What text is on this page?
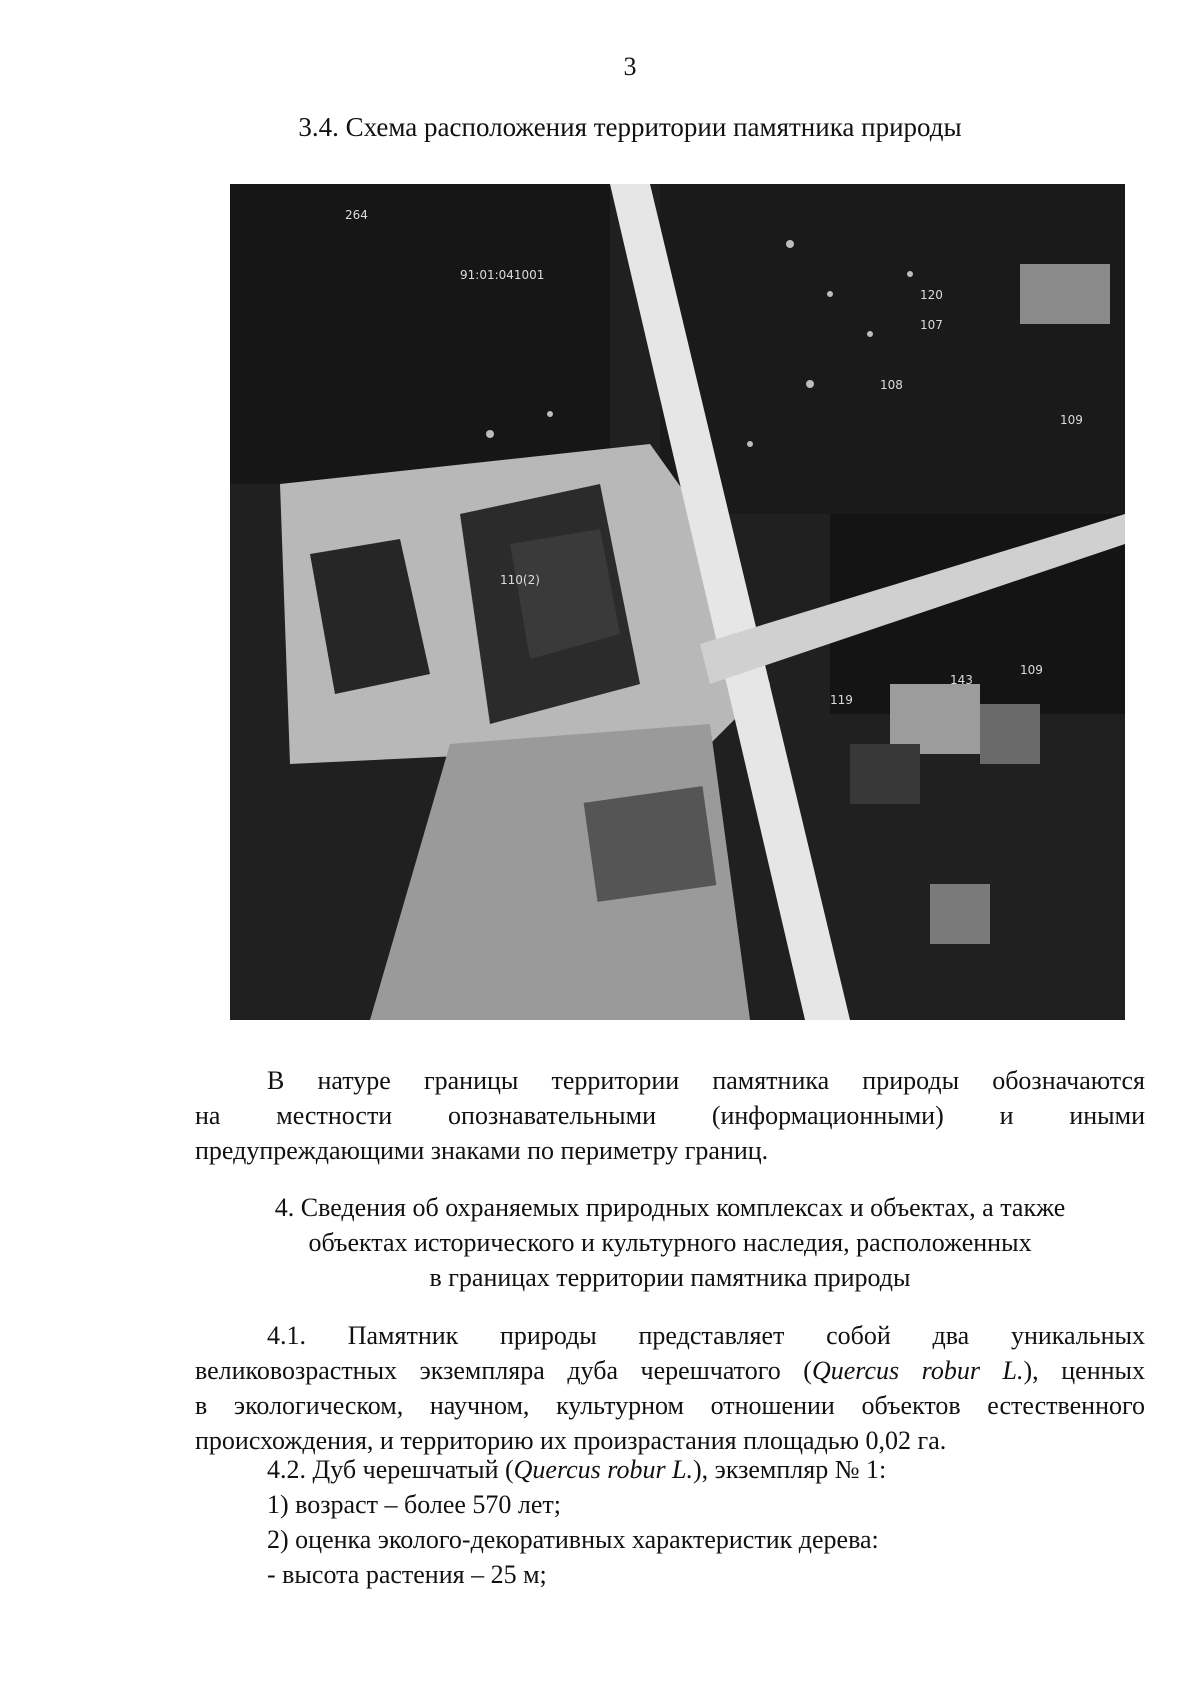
3
3.4. Схема расположения территории памятника природы
264
91:01:041001
120
107
108
109
110(2)
109
143
119
В натуре границы территории памятника природы обозначаются
на местности опознавательными (информационными) и иными
предупреждающими знаками по периметру границ.
4. Сведения об охраняемых природных комплексах и объектах, а также
объектах исторического и культурного наследия, расположенных
в границах территории памятника природы
4.1. Памятник природы представляет собой два уникальных
великовозрастных экземпляра дуба черешчатого (Quercus robur L.), ценных
в экологическом, научном, культурном отношении объектов естественного
происхождения, и территорию их произрастания площадью 0,02 га.
4.2. Дуб черешчатый (Quercus robur L.), экземпляр № 1:
1) возраст – более 570 лет;
2) оценка эколого-декоративных характеристик дерева:
- высота растения – 25 м;
